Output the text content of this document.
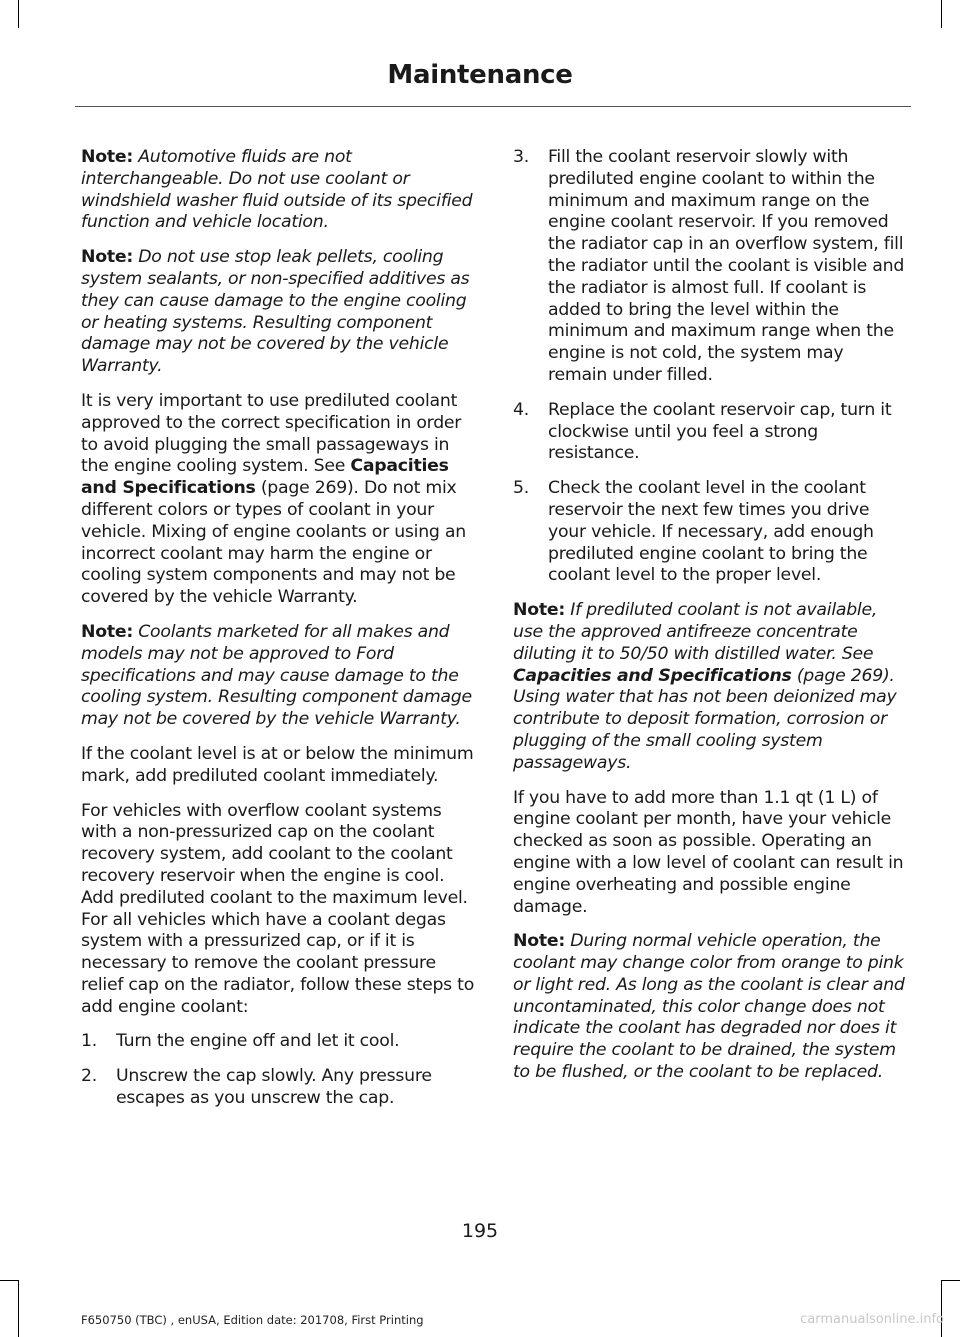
Maintenance

Note: Automotive fluids are not interchangeable. Do not use coolant or windshield washer fluid outside of its specified function and vehicle location.

Note: Do not use stop leak pellets, cooling system sealants, or non-specified additives as they can cause damage to the engine cooling or heating systems. Resulting component damage may not be covered by the vehicle Warranty.

It is very important to use prediluted coolant approved to the correct specification in order to avoid plugging the small passageways in the engine cooling system. See Capacities and Specifications (page 269). Do not mix different colors or types of coolant in your vehicle. Mixing of engine coolants or using an incorrect coolant may harm the engine or cooling system components and may not be covered by the vehicle Warranty.

Note: Coolants marketed for all makes and models may not be approved to Ford specifications and may cause damage to the cooling system. Resulting component damage may not be covered by the vehicle Warranty.

If the coolant level is at or below the minimum mark, add prediluted coolant immediately.

For vehicles with overflow coolant systems with a non-pressurized cap on the coolant recovery system, add coolant to the coolant recovery reservoir when the engine is cool. Add prediluted coolant to the maximum level. For all vehicles which have a coolant degas system with a pressurized cap, or if it is necessary to remove the coolant pressure relief cap on the radiator, follow these steps to add engine coolant:

1.	Turn the engine off and let it cool.
2.	Unscrew the cap slowly. Any pressure escapes as you unscrew the cap.
3.	Fill the coolant reservoir slowly with prediluted engine coolant to within the minimum and maximum range on the engine coolant reservoir. If you removed the radiator cap in an overflow system, fill the radiator until the coolant is visible and the radiator is almost full. If coolant is added to bring the level within the minimum and maximum range when the engine is not cold, the system may remain under filled.
4.	Replace the coolant reservoir cap, turn it clockwise until you feel a strong resistance.
5.	Check the coolant level in the coolant reservoir the next few times you drive your vehicle. If necessary, add enough prediluted engine coolant to bring the coolant level to the proper level.

Note: If prediluted coolant is not available, use the approved antifreeze concentrate diluting it to 50/50 with distilled water. See Capacities and Specifications (page 269). Using water that has not been deionized may contribute to deposit formation, corrosion or plugging of the small cooling system passageways.

If you have to add more than 1.1 qt (1 L) of engine coolant per month, have your vehicle checked as soon as possible. Operating an engine with a low level of coolant can result in engine overheating and possible engine damage.

Note: During normal vehicle operation, the coolant may change color from orange to pink or light red. As long as the coolant is clear and uncontaminated, this color change does not indicate the coolant has degraded nor does it require the coolant to be drained, the system to be flushed, or the coolant to be replaced.

195
F650750 (TBC) , enUSA, Edition date: 201708, First Printing	carmanualsonline.info
